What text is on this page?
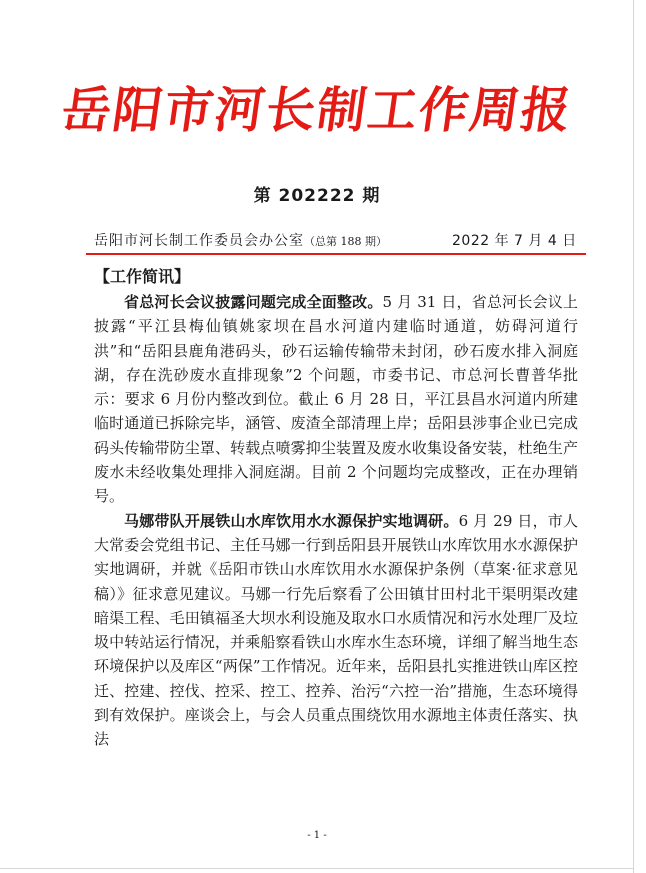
岳阳市河长制工作周报
第 202222 期
岳阳市河长制工作委员会办公室（总第 188 期）	2022 年 7 月 4 日
【工作简讯】

省总河长会议披露问题完成全面整改。5 月 31 日，省总河长会议上披露“平江县梅仙镇姚家坝在昌水河道内建临时通道，妨碍河道行洪”和“岳阳县鹿角港码头，砂石运输传输带未封闭，砂石废水排入洞庭湖，存在洗砂废水直排现象”2 个问题，市委书记、市总河长曹普华批示：要求 6 月份内整改到位。截止 6 月 28 日，平江县昌水河道内所建临时通道已拆除完毕，涵管、废渣全部清理上岸；岳阳县涉事企业已完成码头传输带防尘罩、转载点喷雾抑尘装置及废水收集设备安装，杜绝生产废水未经收集处理排入洞庭湖。目前 2 个问题均完成整改，正在办理销号。

马娜带队开展铁山水库饮用水水源保护实地调研。6 月 29 日，市人大常委会党组书记、主任马娜一行到岳阳县开展铁山水库饮用水水源保护实地调研，并就《岳阳市铁山水库饮用水水源保护条例（草案·征求意见稿）》征求意见建议。马娜一行先后察看了公田镇甘田村北干渠明渠改建暗渠工程、毛田镇福圣大坝水利设施及取水口水质情况和污水处理厂及垃圾中转站运行情况，并乘船察看铁山水库水生态环境，详细了解当地生态环境保护以及库区“两保”工作情况。近年来，岳阳县扎实推进铁山库区控迁、控建、控伐、控采、控工、控养、治污“六控一治”措施，生态环境得到有效保护。座谈会上，与会人员重点围绕饮用水源地主体责任落实、执法

- 1 -
